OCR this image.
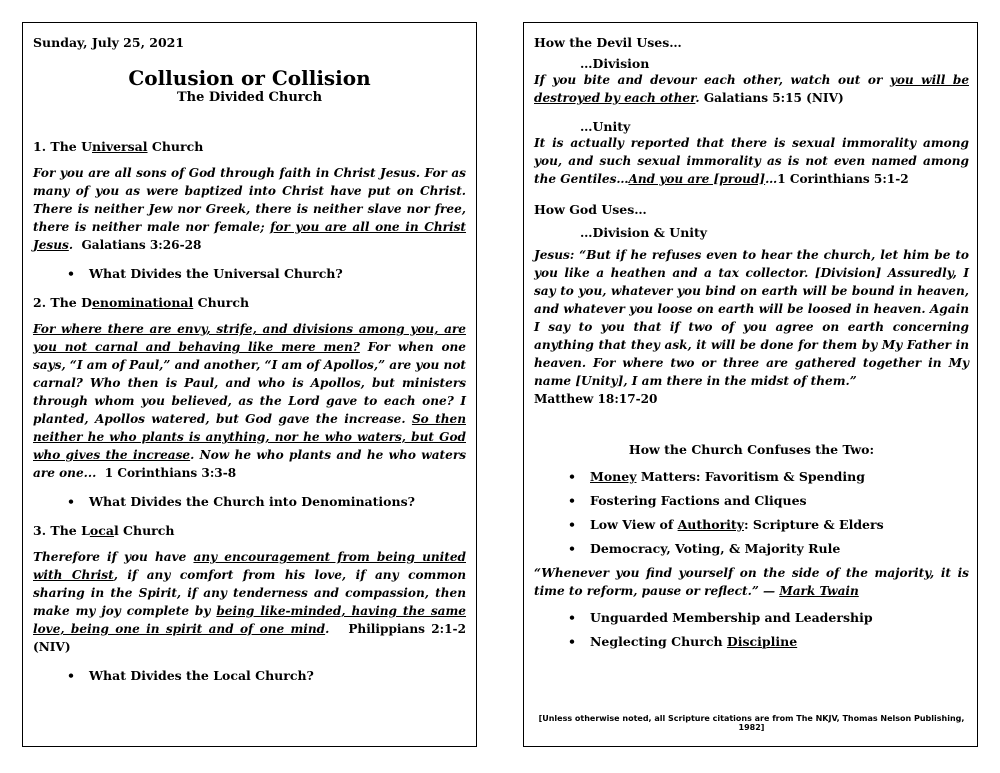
Sunday, July 25, 2021
Collusion or Collision
The Divided Church
1. The Universal Church
For you are all sons of God through faith in Christ Jesus. For as many of you as were baptized into Christ have put on Christ. There is neither Jew nor Greek, there is neither slave nor free, there is neither male nor female; for you are all one in Christ Jesus. Galatians 3:26-28
• What Divides the Universal Church?
2. The Denominational Church
For where there are envy, strife, and divisions among you, are you not carnal and behaving like mere men? For when one says, “I am of Paul,” and another, “I am of Apollos,” are you not carnal? Who then is Paul, and who is Apollos, but ministers through whom you believed, as the Lord gave to each one? I planted, Apollos watered, but God gave the increase. So then neither he who plants is anything, nor he who waters, but God who gives the increase. Now he who plants and he who waters are one... 1 Corinthians 3:3-8
• What Divides the Church into Denominations?
3. The Local Church
Therefore if you have any encouragement from being united with Christ, if any comfort from his love, if any common sharing in the Spirit, if any tenderness and compassion, then make my joy complete by being like-minded, having the same love, being one in spirit and of one mind. Philippians 2:1-2 (NIV)
• What Divides the Local Church?
How the Devil Uses…
…Division
If you bite and devour each other, watch out or you will be destroyed by each other. Galatians 5:15 (NIV)
…Unity
It is actually reported that there is sexual immorality among you, and such sexual immorality as is not even named among the Gentiles…And you are [proud]…1 Corinthians 5:1-2
How God Uses…
…Division & Unity
Jesus: “But if he refuses even to hear the church, let him be to you like a heathen and a tax collector. [Division] Assuredly, I say to you, whatever you bind on earth will be bound in heaven, and whatever you loose on earth will be loosed in heaven. Again I say to you that if two of you agree on earth concerning anything that they ask, it will be done for them by My Father in heaven. For where two or three are gathered together in My name [Unity], I am there in the midst of them.”
Matthew 18:17-20
How the Church Confuses the Two:
• Money Matters: Favoritism & Spending
• Fostering Factions and Cliques
• Low View of Authority: Scripture & Elders
• Democracy, Voting, & Majority Rule
“Whenever you find yourself on the side of the majority, it is time to reform, pause or reflect.” — Mark Twain
• Unguarded Membership and Leadership
• Neglecting Church Discipline
[Unless otherwise noted, all Scripture citations are from The NKJV, Thomas Nelson Publishing, 1982]
